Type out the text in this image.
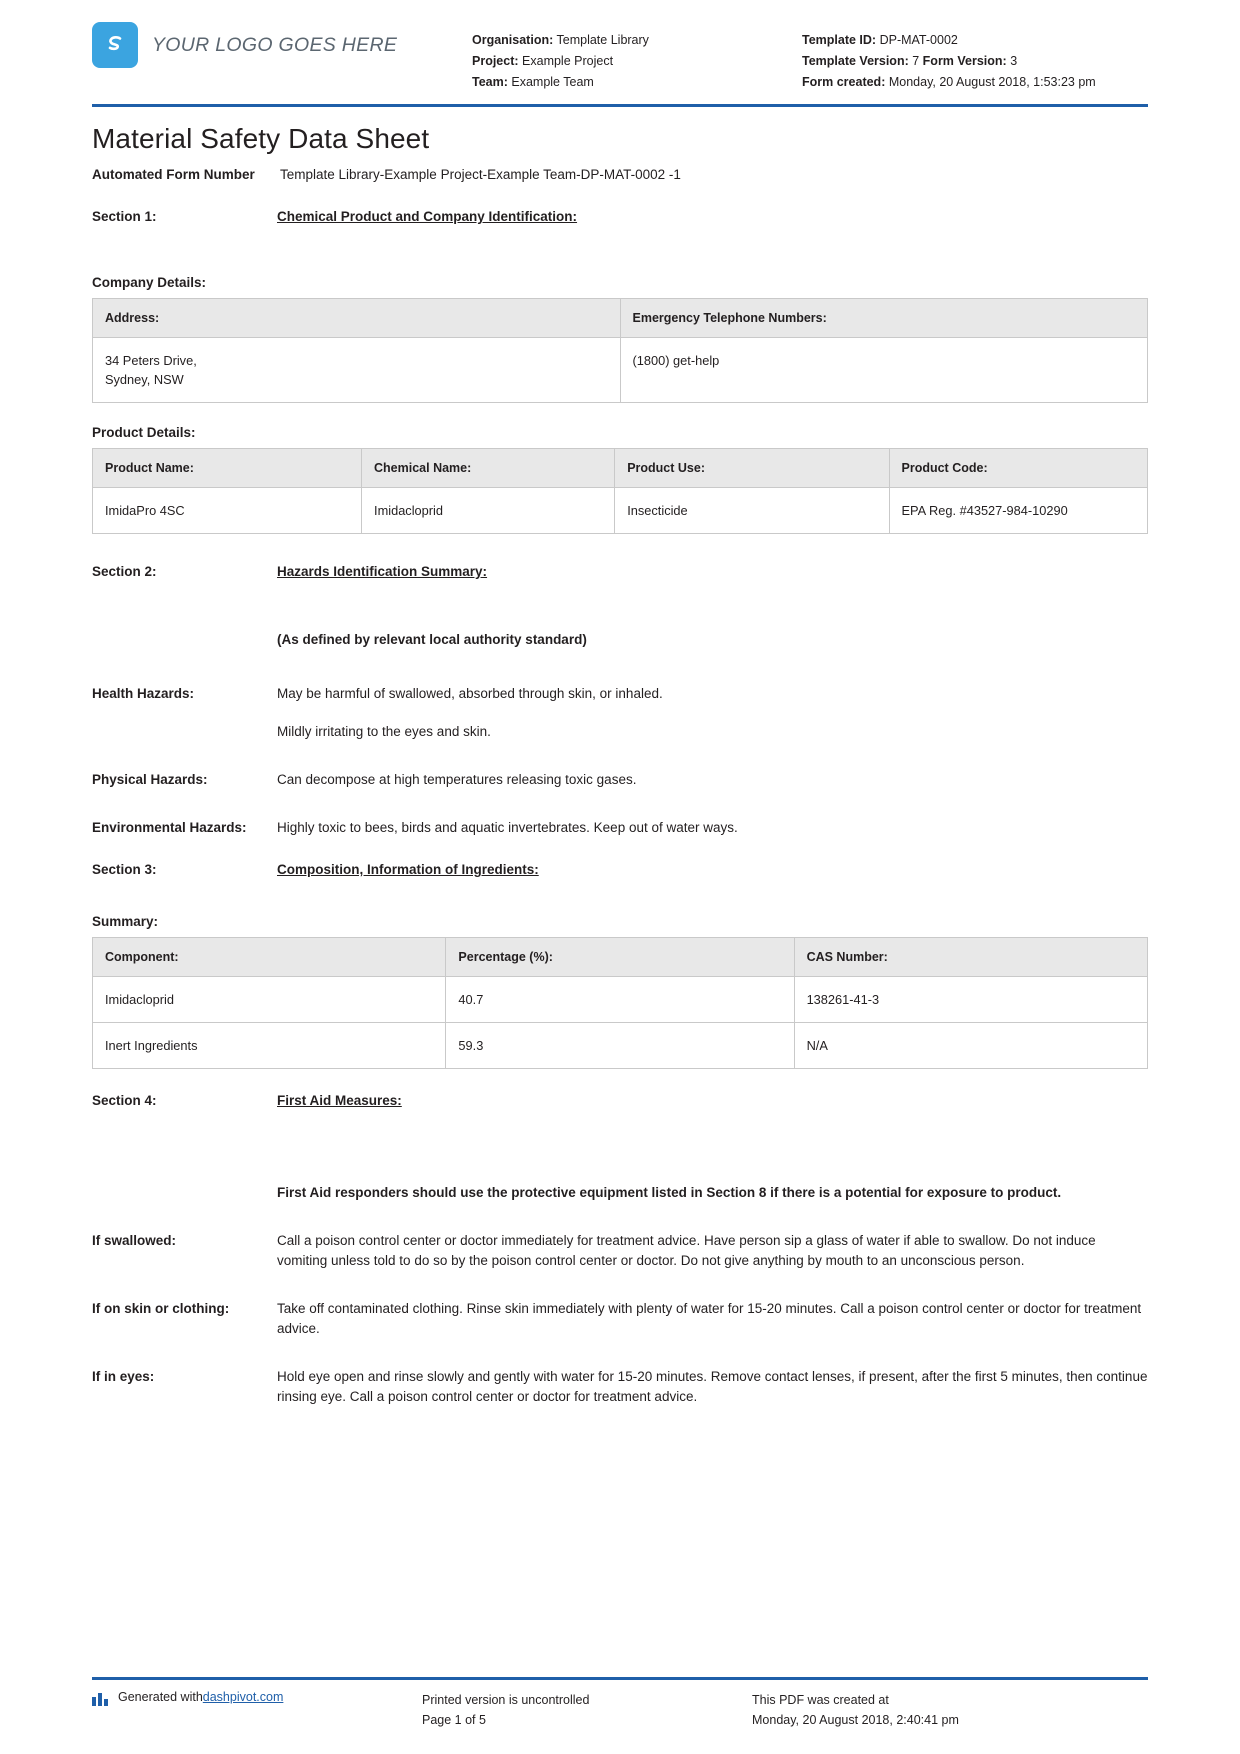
YOUR LOGO GOES HERE	Organisation: Template Library
Project: Example Project
Team: Example Team
Template ID: DP-MAT-0002
Template Version: 7 Form Version: 3
Form created: Monday, 20 August 2018, 1:53:23 pm
Material Safety Data Sheet
Automated Form Number	Template Library-Example Project-Example Team-DP-MAT-0002 -1
Section 1:	Chemical Product and Company Identification:
Company Details:
Address:	Emergency Telephone Numbers:
34 Peters Drive,
Sydney, NSW	(1800) get-help
Product Details:
Product Name:	Chemical Name:	Product Use:	Product Code:
ImidaPro 4SC	Imidacloprid	Insecticide	EPA Reg. #43527-984-10290
Section 2:	Hazards Identification Summary:
(As defined by relevant local authority standard)
Health Hazards:	May be harmful of swallowed, absorbed through skin, or inhaled.

Mildly irritating to the eyes and skin.

Physical Hazards:	Can decompose at high temperatures releasing toxic gases.
Environmental Hazards:	Highly toxic to bees, birds and aquatic invertebrates. Keep out of water ways.
Section 3:	Composition, Information of Ingredients:
Summary:
Component:	Percentage (%):	CAS Number:
Imidacloprid	40.7	138261-41-3
Inert Ingredients	59.3	N/A
Section 4:	First Aid Measures:
First Aid responders should use the protective equipment listed in Section 8 if there is a potential for exposure to product.
If swallowed:	Call a poison control center or doctor immediately for treatment advice. Have person sip a glass of water if able to swallow. Do not induce vomiting unless told to do so by the poison control center or doctor. Do not give anything by mouth to an unconscious person.
If on skin or clothing:	Take off contaminated clothing. Rinse skin immediately with plenty of water for 15-20 minutes. Call a poison control center or doctor for treatment advice.
If in eyes:	Hold eye open and rinse slowly and gently with water for 15-20 minutes. Remove contact lenses, if present, after the first 5 minutes, then continue rinsing eye. Call a poison control center or doctor for treatment advice.
Generated with dashpivot.com	Printed version is uncontrolled
Page 1 of 5
This PDF was created at
Monday, 20 August 2018, 2:40:41 pm
